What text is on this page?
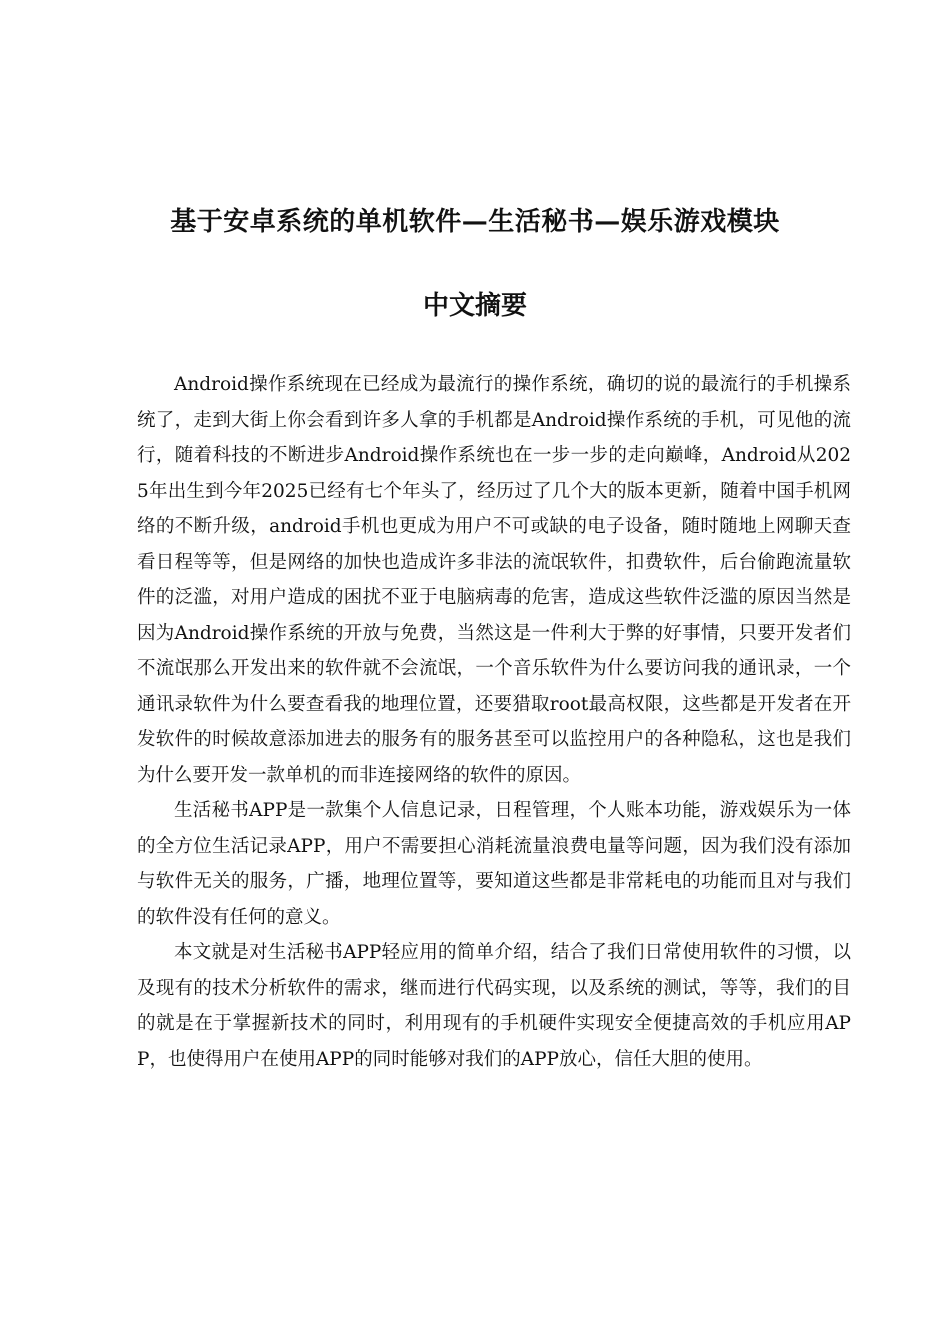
基于安卓系统的单机软件—生活秘书—娱乐游戏模块
中文摘要

Android操作系统现在已经成为最流行的操作系统，确切的说的最流行的手机操系统了，走到大街上你会看到许多人拿的手机都是Android操作系统的手机，可见他的流行，随着科技的不断进步Android操作系统也在一步一步的走向巅峰，Android从2025年出生到今年2025已经有七个年头了，经历过了几个大的版本更新，随着中国手机网络的不断升级，android手机也更成为用户不可或缺的电子设备，随时随地上网聊天查看日程等等，但是网络的加快也造成许多非法的流氓软件，扣费软件，后台偷跑流量软件的泛滥，对用户造成的困扰不亚于电脑病毒的危害，造成这些软件泛滥的原因当然是因为Android操作系统的开放与免费，当然这是一件利大于弊的好事情，只要开发者们不流氓那么开发出来的软件就不会流氓，一个音乐软件为什么要访问我的通讯录，一个通讯录软件为什么要查看我的地理位置，还要猎取root最高权限，这些都是开发者在开发软件的时候故意添加进去的服务有的服务甚至可以监控用户的各种隐私，这也是我们为什么要开发一款单机的而非连接网络的软件的原因。

生活秘书APP是一款集个人信息记录，日程管理，个人账本功能，游戏娱乐为一体的全方位生活记录APP，用户不需要担心消耗流量浪费电量等问题，因为我们没有添加与软件无关的服务，广播，地理位置等，要知道这些都是非常耗电的功能而且对与我们的软件没有任何的意义。

本文就是对生活秘书APP轻应用的简单介绍，结合了我们日常使用软件的习惯，以及现有的技术分析软件的需求，继而进行代码实现，以及系统的测试，等等，我们的目的就是在于掌握新技术的同时，利用现有的手机硬件实现安全便捷高效的手机应用APP，也使得用户在使用APP的同时能够对我们的APP放心，信任大胆的使用。
